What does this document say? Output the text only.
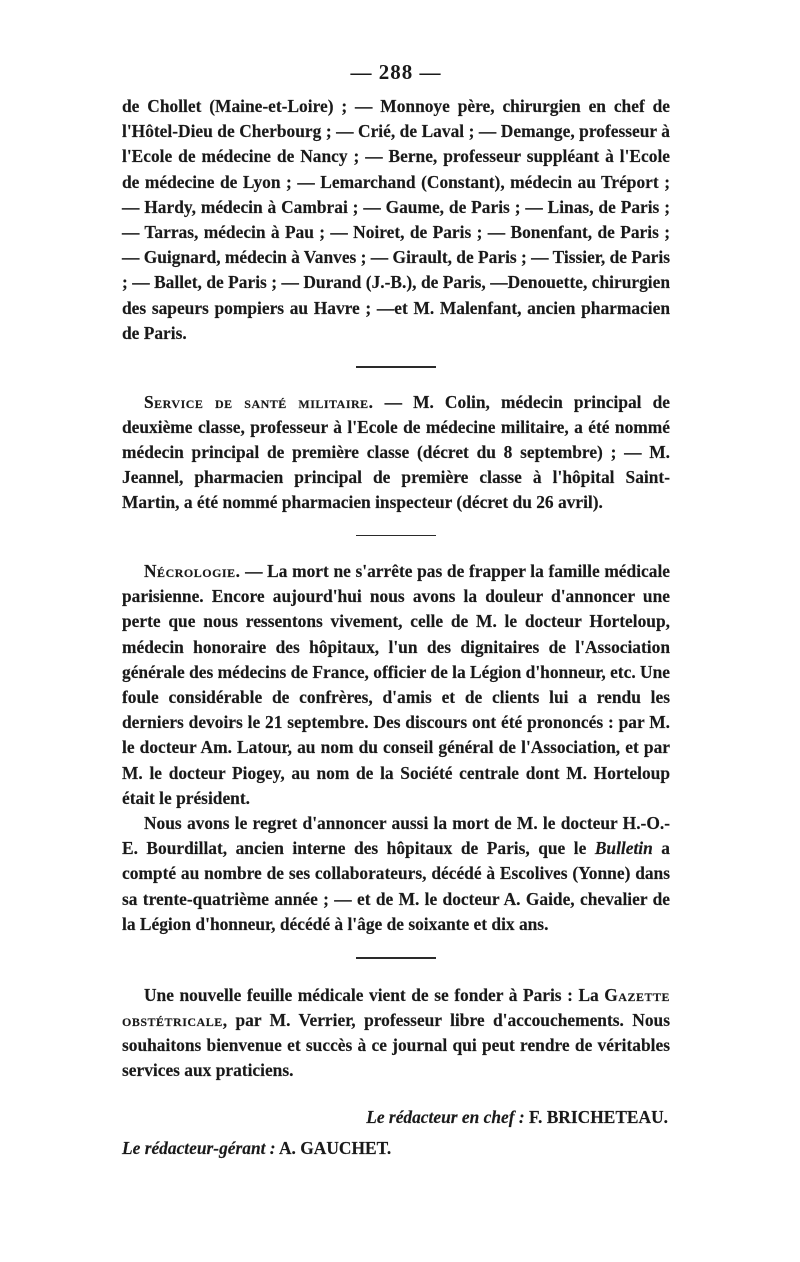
— 288 —

de Chollet (Maine-et-Loire) ; — Monnoye père, chirurgien en chef de l'Hôtel-Dieu de Cherbourg ; — Crié, de Laval ; — Demange, professeur à l'Ecole de médecine de Nancy ; — Berne, professeur suppléant à l'Ecole de médecine de Lyon ; — Lemarchand (Constant), médecin au Tréport ; — Hardy, médecin à Cambrai ; — Gaume, de Paris ; — Linas, de Paris ; — Tarras, médecin à Pau ; — Noiret, de Paris ; — Bonenfant, de Paris ; — Guignard, médecin à Vanves ; — Girault, de Paris ; — Tissier, de Paris ; — Ballet, de Paris ; — Durand (J.-B.), de Paris, —Denouette, chirurgien des sapeurs pompiers au Havre ; —et M. Malenfant, ancien pharmacien de Paris.

Service de santé militaire. — M. Colin, médecin principal de deuxième classe, professeur à l'Ecole de médecine militaire, a été nommé médecin principal de première classe (décret du 8 septembre) ; — M. Jeannel, pharmacien principal de première classe à l'hôpital Saint-Martin, a été nommé pharmacien inspecteur (décret du 26 avril).

Nécrologie. — La mort ne s'arrête pas de frapper la famille médicale parisienne. Encore aujourd'hui nous avons la douleur d'annoncer une perte que nous ressentons vivement, celle de M. le docteur Horteloup, médecin honoraire des hôpitaux, l'un des dignitaires de l'Association générale des médecins de France, officier de la Légion d'honneur, etc. Une foule considérable de confrères, d'amis et de clients lui a rendu les derniers devoirs le 21 septembre. Des discours ont été prononcés : par M. le docteur Am. Latour, au nom du conseil général de l'Association, et par M. le docteur Piogey, au nom de la Société centrale dont M. Horteloup était le président.

Nous avons le regret d'annoncer aussi la mort de M. le docteur H.-O.-E. Bourdillat, ancien interne des hôpitaux de Paris, que le Bulletin a compté au nombre de ses collaborateurs, décédé à Escolives (Yonne) dans sa trente-quatrième année ; — et de M. le docteur A. Gaide, chevalier de la Légion d'honneur, décédé à l'âge de soixante et dix ans.

Une nouvelle feuille médicale vient de se fonder à Paris : La Gazette obstétricale, par M. Verrier, professeur libre d'accouchements. Nous souhaitons bienvenue et succès à ce journal qui peut rendre de véritables services aux praticiens.

Le rédacteur en chef : F. BRICHETEAU.
Le rédacteur-gérant : A. GAUCHET.
